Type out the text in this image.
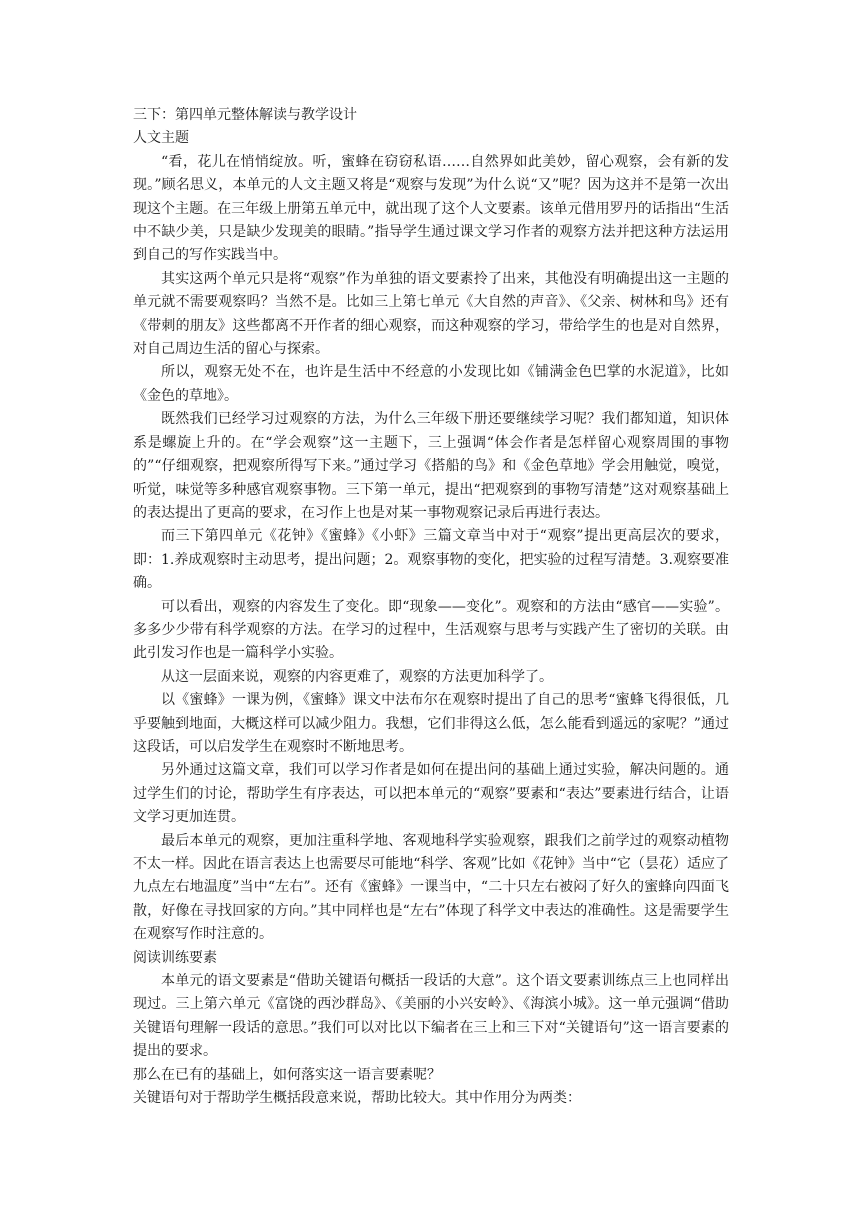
三下：第四单元整体解读与教学设计

人文主题

“看，花儿在悄悄绽放。听，蜜蜂在窃窃私语……自然界如此美妙，留心观察，会有新的发现。”顾名思义，本单元的人文主题又将是“观察与发现”为什么说“又”呢？因为这并不是第一次出现这个主题。在三年级上册第五单元中，就出现了这个人文要素。该单元借用罗丹的话指出“生活中不缺少美，只是缺少发现美的眼睛。”指导学生通过课文学习作者的观察方法并把这种方法运用到自己的写作实践当中。

其实这两个单元只是将“观察”作为单独的语文要素拎了出来，其他没有明确提出这一主题的单元就不需要观察吗？当然不是。比如三上第七单元《大自然的声音》、《父亲、树林和鸟》还有《带刺的朋友》这些都离不开作者的细心观察，而这种观察的学习，带给学生的也是对自然界，对自己周边生活的留心与探索。

所以，观察无处不在，也许是生活中不经意的小发现比如《铺满金色巴掌的水泥道》，比如《金色的草地》。

既然我们已经学习过观察的方法，为什么三年级下册还要继续学习呢？我们都知道，知识体系是螺旋上升的。在“学会观察”这一主题下，三上强调“体会作者是怎样留心观察周围的事物的”“仔细观察，把观察所得写下来。”通过学习《搭船的鸟》和《金色草地》学会用触觉，嗅觉，听觉，味觉等多种感官观察事物。三下第一单元，提出“把观察到的事物写清楚”这对观察基础上的表达提出了更高的要求，在习作上也是对某一事物观察记录后再进行表达。

而三下第四单元《花钟》《蜜蜂》《小虾》三篇文章当中对于“观察”提出更高层次的要求，即：1.养成观察时主动思考，提出问题；2。观察事物的变化，把实验的过程写清楚。3.观察要准确。

可以看出，观察的内容发生了变化。即“现象——变化”。观察和的方法由“感官——实验”。多多少少带有科学观察的方法。在学习的过程中，生活观察与思考与实践产生了密切的关联。由此引发习作也是一篇科学小实验。

从这一层面来说，观察的内容更难了，观察的方法更加科学了。

以《蜜蜂》一课为例，《蜜蜂》课文中法布尔在观察时提出了自己的思考“蜜蜂飞得很低，几乎要触到地面，大概这样可以减少阻力。我想，它们非得这么低，怎么能看到遥远的家呢？”通过这段话，可以启发学生在观察时不断地思考。

另外通过这篇文章，我们可以学习作者是如何在提出问的基础上通过实验，解决问题的。通过学生们的讨论，帮助学生有序表达，可以把本单元的“观察”要素和“表达”要素进行结合，让语文学习更加连贯。

最后本单元的观察，更加注重科学地、客观地科学实验观察，跟我们之前学过的观察动植物不太一样。因此在语言表达上也需要尽可能地“科学、客观”比如《花钟》当中“它（昙花）适应了九点左右地温度”当中“左右”。还有《蜜蜂》一课当中，“二十只左右被闷了好久的蜜蜂向四面飞散，好像在寻找回家的方向。”其中同样也是“左右”体现了科学文中表达的准确性。这是需要学生在观察写作时注意的。

阅读训练要素

本单元的语文要素是“借助关键语句概括一段话的大意”。这个语文要素训练点三上也同样出现过。三上第六单元《富饶的西沙群岛》、《美丽的小兴安岭》、《海滨小城》。这一单元强调“借助关键语句理解一段话的意思。”我们可以对比以下编者在三上和三下对“关键语句”这一语言要素的提出的要求。

那么在已有的基础上，如何落实这一语言要素呢？

关键语句对于帮助学生概括段意来说，帮助比较大。其中作用分为两类：
